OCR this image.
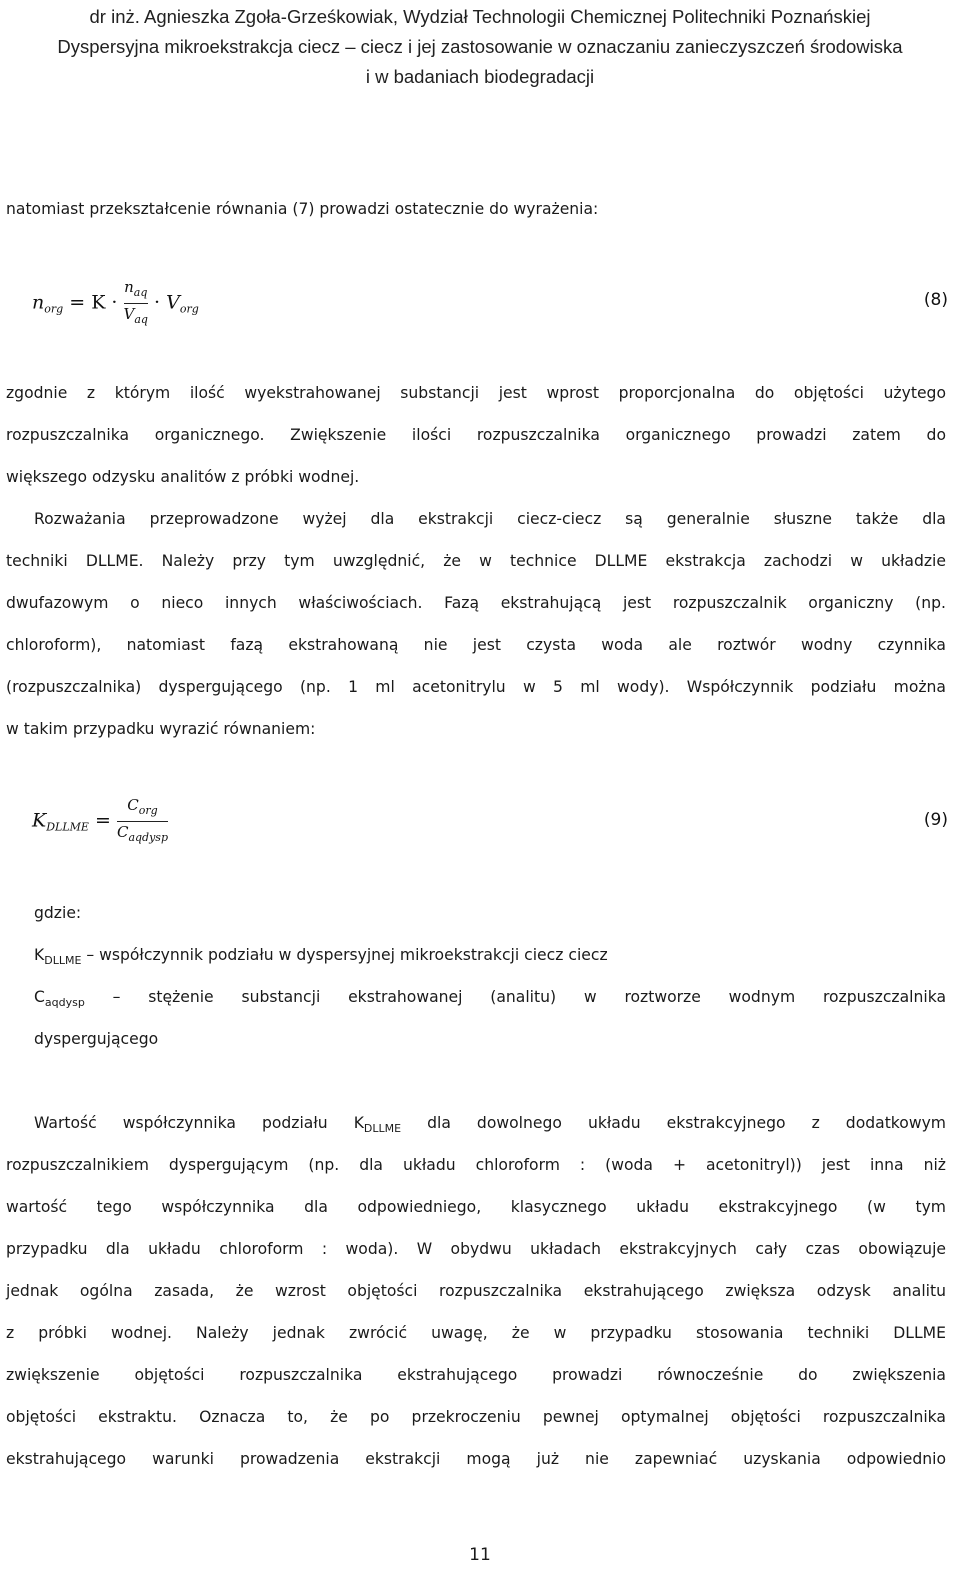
dr inż. Agnieszka Zgoła-Grześkowiak, Wydział Technologii Chemicznej Politechniki Poznańskiej
Dyspersyjna mikroekstrakcja ciecz – ciecz i jej zastosowanie w oznaczaniu zanieczyszczeń środowiska
i w badaniach biodegradacji
natomiast przekształcenie równania (7) prowadzi ostatecznie do wyrażenia:
$n_{org} = K \cdot \frac{n_{aq}}{V_{aq}} \cdot V_{org}$	(8)
zgodnie z którym ilość wyekstrahowanej substancji jest wprost proporcjonalna do objętości użytego
rozpuszczalnika organicznego. Zwiększenie ilości rozpuszczalnika organicznego prowadzi zatem do
większego odzysku analitów z próbki wodnej.
Rozważania przeprowadzone wyżej dla ekstrakcji ciecz-ciecz są generalnie słuszne także dla
techniki DLLME. Należy przy tym uwzględnić, że w technice DLLME ekstrakcja zachodzi w układzie
dwufazowym o nieco innych właściwościach. Fazą ekstrahującą jest rozpuszczalnik organiczny (np.
chloroform), natomiast fazą ekstrahowaną nie jest czysta woda ale roztwór wodny czynnika
(rozpuszczalnika) dyspergującego (np. 1 ml acetonitrylu w 5 ml wody). Współczynnik podziału można
w takim przypadku wyrazić równaniem:
$K_{DLLME} = \frac{C_{org}}{C_{aqdysp}}$	(9)
gdzie:
$K_{DLLME}$ – współczynnik podziału w dyspersyjnej mikroekstrakcji ciecz ciecz
$C_{aqdysp}$ – stężenie substancji ekstrahowanej (analitu) w roztworze wodnym rozpuszczalnika
dyspergującego
Wartość współczynnika podziału $K_{DLLME}$ dla dowolnego układu ekstrakcyjnego z dodatkowym
rozpuszczalnikiem dyspergującym (np. dla układu chloroform : (woda + acetonitryl)) jest inna niż
wartość tego współczynnika dla odpowiedniego, klasycznego układu ekstrakcyjnego (w tym
przypadku dla układu chloroform : woda). W obydwu układach ekstrakcyjnych cały czas obowiązuje
jednak ogólna zasada, że wzrost objętości rozpuszczalnika ekstrahującego zwiększa odzysk analitu
z próbki wodnej. Należy jednak zwrócić uwagę, że w przypadku stosowania techniki DLLME
zwiększenie objętości rozpuszczalnika ekstrahującego prowadzi równocześnie do zwiększenia
objętości ekstraktu. Oznacza to, że po przekroczeniu pewnej optymalnej objętości rozpuszczalnika
ekstrahującego warunki prowadzenia ekstrakcji mogą już nie zapewniać uzyskania odpowiednio
11
